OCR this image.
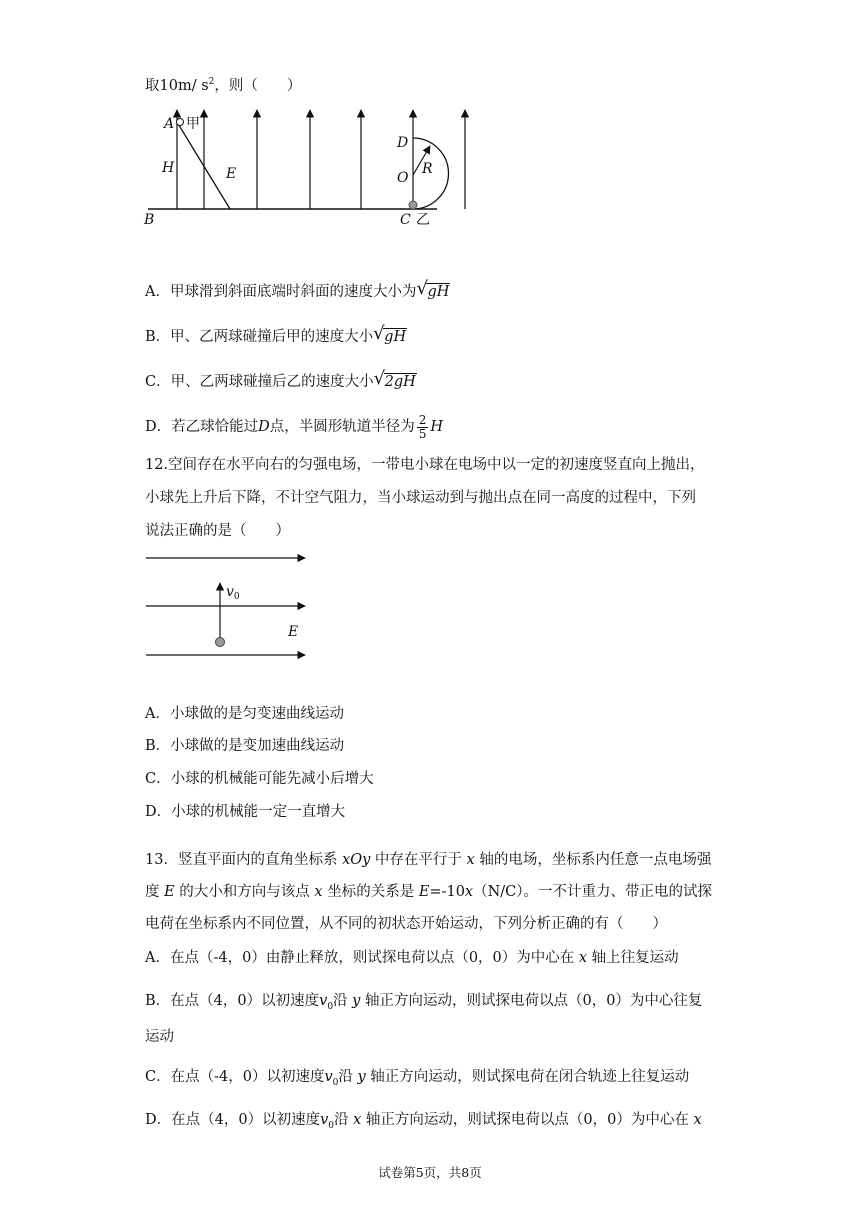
取10m/ $s^2$，则（　　）
A 甲
H	E
B
D
O
R
C 乙
A．甲球滑到斜面底端时斜面的速度大小为 √ gH
B．甲、乙两球碰撞后甲的速度大小 √ gH
C．甲、乙两球碰撞后乙的速度大小 √ 2gH
D．若乙球恰能过D点，半圆形轨道半径为 $\frac{2}{5}$ H
12.空间存在水平向右的匀强电场，一带电小球在电场中以一定的初速度竖直向上抛出，
小球先上升后下降，不计空气阻力，当小球运动到与抛出点在同一高度的过程中，下列
说法正确的是（　　）
$v_0$
E
A．小球做的是匀变速曲线运动
B．小球做的是变加速曲线运动
C．小球的机械能可能先减小后增大
D．小球的机械能一定一直增大
13．竖直平面内的直角坐标系 xOy 中存在平行于 x 轴的电场，坐标系内任意一点电场强
度 E 的大小和方向与该点 x 坐标的关系是 E=-10x（N/C）。一不计重力、带正电的试探
电荷在坐标系内不同位置，从不同的初状态开始运动，下列分析正确的有（　　）
A．在点（-4，0）由静止释放，则试探电荷以点（0，0）为中心在 x 轴上往复运动
B．在点（4，0）以初速度$v_0$沿 y 轴正方向运动，则试探电荷以点（0，0）为中心往复
运动
C．在点（-4，0）以初速度$v_0$沿 y 轴正方向运动，则试探电荷在闭合轨迹上往复运动
D．在点（4，0）以初速度$v_0$沿 x 轴正方向运动，则试探电荷以点（0，0）为中心在 x
试卷第5页，共8页
